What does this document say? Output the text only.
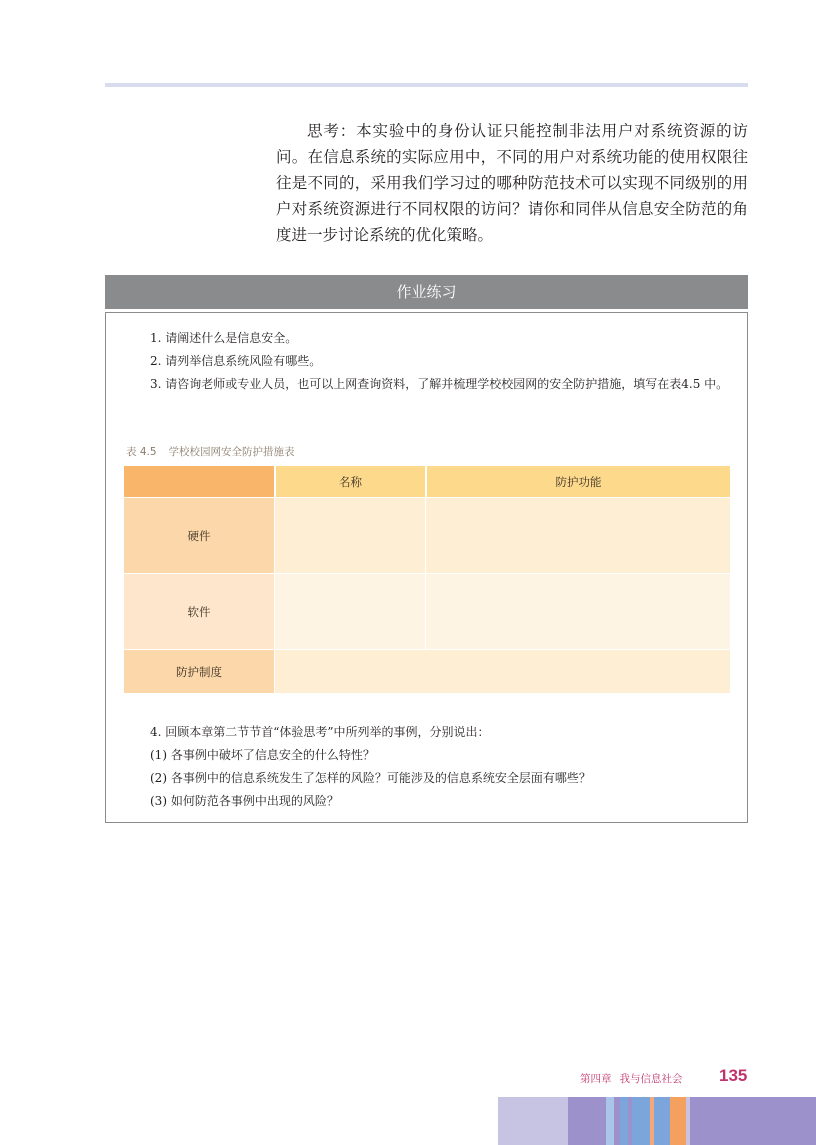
思考：本实验中的身份认证只能控制非法用户对系统资源的访问。在信息系统的实际应用中，不同的用户对系统功能的使用权限往往是不同的，采用我们学习过的哪种防范技术可以实现不同级别的用户对系统资源进行不同权限的访问？请你和同伴从信息安全防范的角度进一步讨论系统的优化策略。

作业练习

1. 请阐述什么是信息安全。

2. 请列举信息系统风险有哪些。

3. 请咨询老师或专业人员，也可以上网查询资料，了解并梳理学校校园网的安全防护措施，填写在表4.5 中。

表 4.5 学校校园网安全防护措施表
名称	防护功能
硬件
软件
防护制度

4. 回顾本章第二节节首“体验思考”中所列举的事例，分别说出：

(1) 各事例中破坏了信息安全的什么特性？

(2) 各事例中的信息系统发生了怎样的风险？可能涉及的信息系统安全层面有哪些？

(3) 如何防范各事例中出现的风险？

第四章 我与信息社会 135
